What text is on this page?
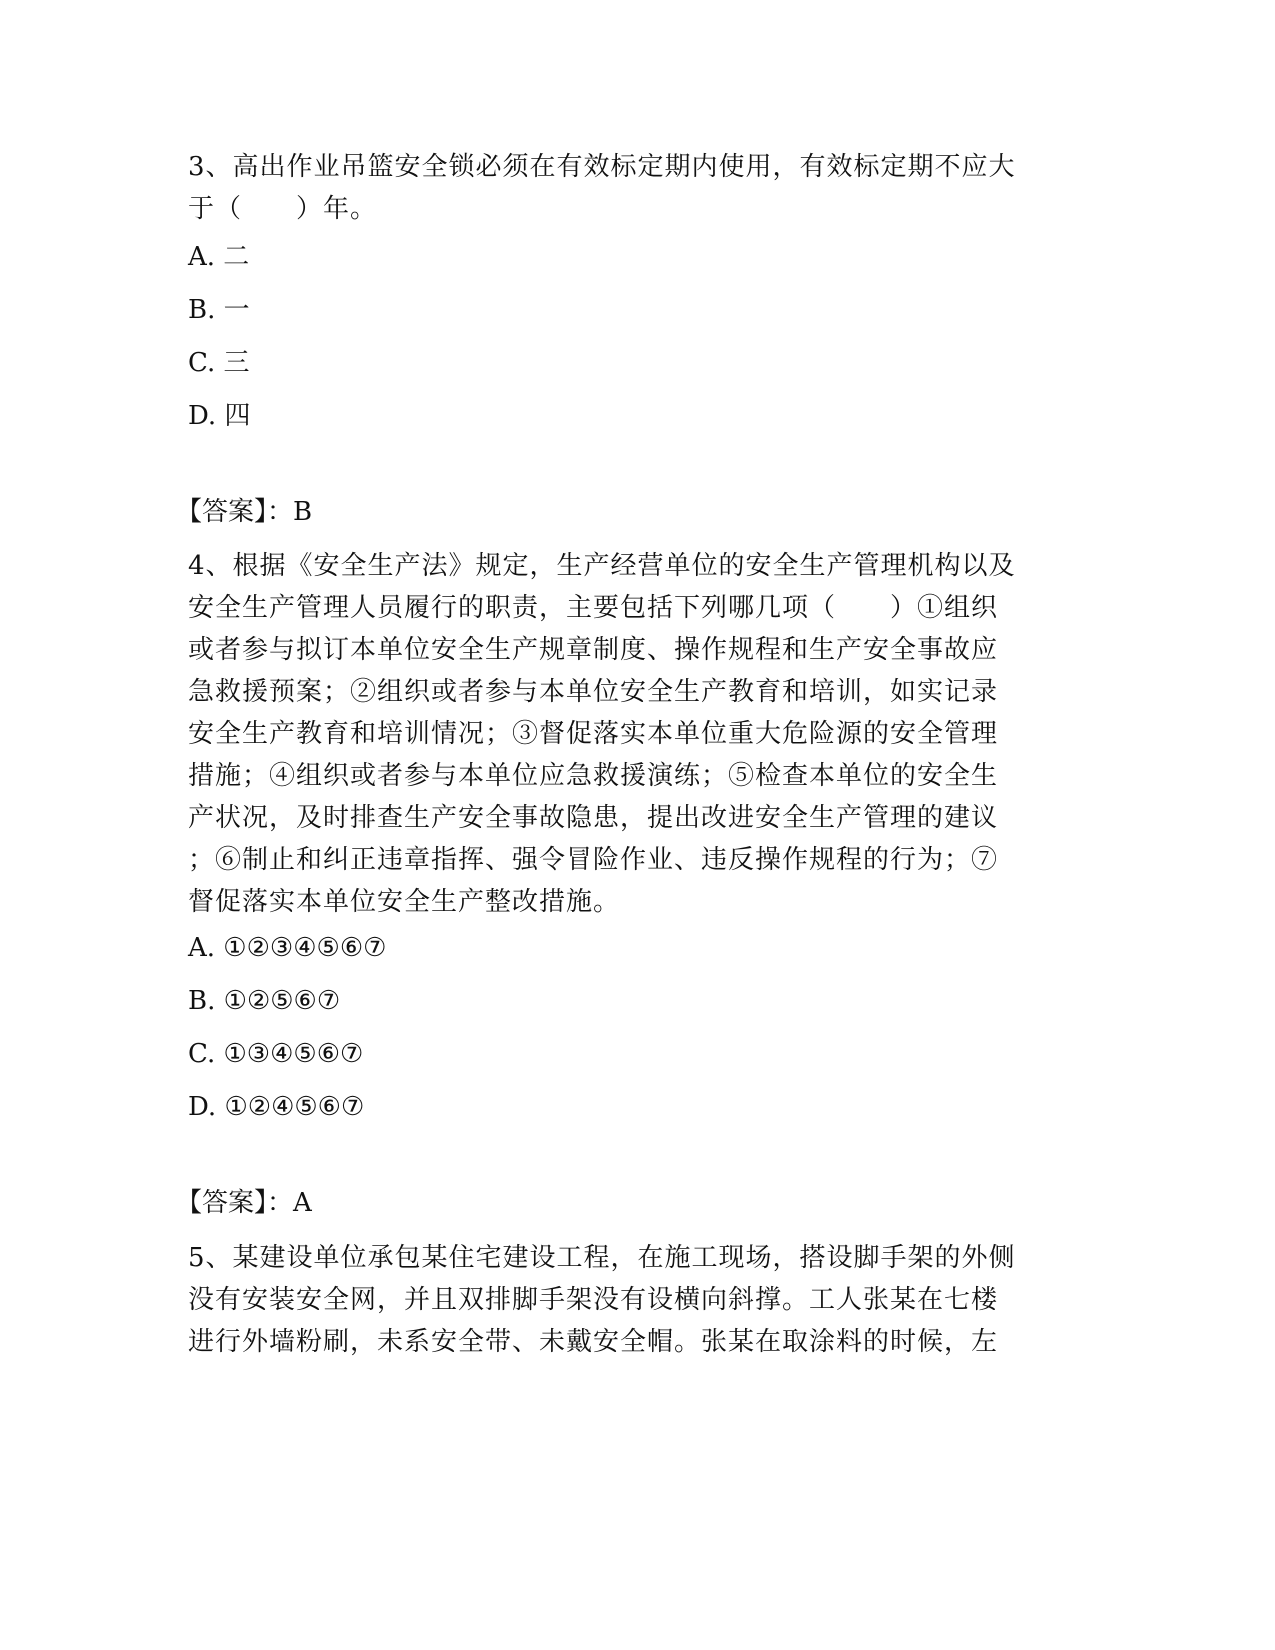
3、高出作业吊篮安全锁必须在有效标定期内使用，有效标定期不应大
于（　　）年。
A. 二
B. 一
C. 三
D. 四
【答案】：B
4、根据《安全生产法》规定，生产经营单位的安全生产管理机构以及
安全生产管理人员履行的职责，主要包括下列哪几项（　　）①组织
或者参与拟订本单位安全生产规章制度、操作规程和生产安全事故应
急救援预案；②组织或者参与本单位安全生产教育和培训，如实记录
安全生产教育和培训情况；③督促落实本单位重大危险源的安全管理
措施；④组织或者参与本单位应急救援演练；⑤检查本单位的安全生
产状况，及时排查生产安全事故隐患，提出改进安全生产管理的建议
；⑥制止和纠正违章指挥、强令冒险作业、违反操作规程的行为；⑦
督促落实本单位安全生产整改措施。
A. ①②③④⑤⑥⑦
B. ①②⑤⑥⑦
C. ①③④⑤⑥⑦
D. ①②④⑤⑥⑦
【答案】：A
5、某建设单位承包某住宅建设工程，在施工现场，搭设脚手架的外侧
没有安装安全网，并且双排脚手架没有设横向斜撑。工人张某在七楼
进行外墙粉刷，未系安全带、未戴安全帽。张某在取涂料的时候，左
